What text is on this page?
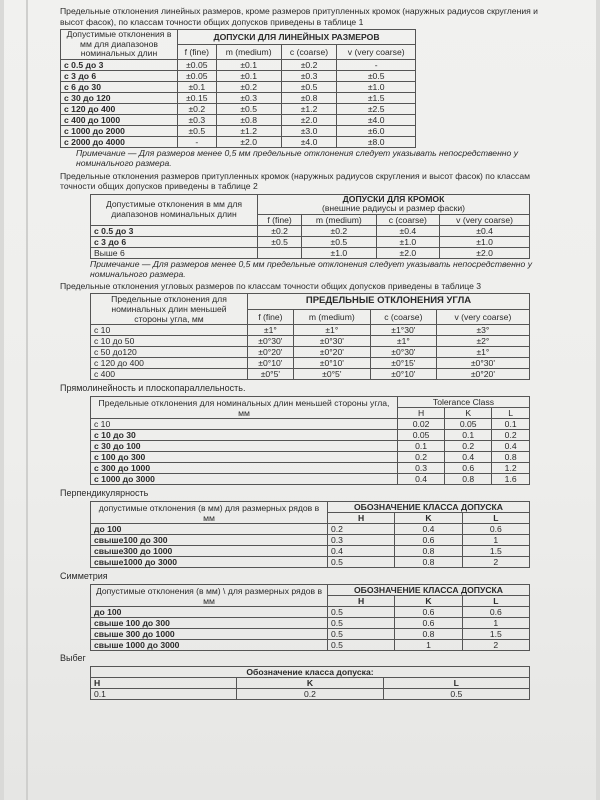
Предельные отклонения линейных размеров, кроме размеров притупленных кромок (наружных радиусов скругления и высот фасок), по классам точности общих допусков приведены в таблице 1

Допустимые отклонения в мм для диапазонов номинальных длин	ДОПУСКИ ДЛЯ ЛИНЕЙНЫХ РАЗМЕРОВ			
	f (fine)	m (medium)	c (coarse)	v (very coarse)
с 0.5 до 3	±0.05	±0.1	±0.2	-
с 3 до 6	±0.05	±0.1	±0.3	±0.5
с 6 до 30	±0.1	±0.2	±0.5	±1.0
с 30 до 120	±0.15	±0.3	±0.8	±1.5
с 120 до 400	±0.2	±0.5	±1.2	±2.5
с 400 до 1000	±0.3	±0.8	±2.0	±4.0
с 1000 до 2000	±0.5	±1.2	±3.0	±6.0
с 2000 до 4000	-	±2.0	±4.0	±8.0

Примечание — Для размеров менее 0,5 мм предельные отклонения следует указывать непосредственно у номинального размера.

Предельные отклонения размеров притупленных кромок (наружных радиусов скругления и высот фасок) по классам точности общих допусков приведены в таблице 2

Допустимые отклонения в мм для диапазонов номинальных длин	ДОПУСКИ ДЛЯ КРОМОК
(внешние радиусы и размер фаски)			
	f (fine)	m (medium)	c (coarse)	v (very coarse)
с 0.5 до 3	±0.2	±0.2	±0.4	±0.4
с 3 до 6	±0.5	±0.5	±1.0	±1.0
Выше 6		±1.0	±2.0	±2.0

Примечание — Для размеров менее 0,5 мм предельные отклонения следует указывать непосредственно у номинального размера.

Предельные отклонения угловых размеров по классам точности общих допусков приведены в таблице 3

Предельные отклонения для номинальных длин меньшей стороны угла, мм	ПРЕДЕЛЬНЫЕ ОТКЛОНЕНИЯ УГЛА			
	f (fine)	m (medium)	c (coarse)	v (very coarse)
с 10	±1°	±1°	±1°30'	±3°
с 10 до 50	±0°30'	±0°30'	±1°	±2°
с 50 до120	±0°20'	±0°20'	±0°30'	±1°
с 120 до 400	±0°10'	±0°10'	±0°15'	±0°30'
с 400	±0°5'	±0°5'	±0°10'	±0°20'

Прямолинейность и плоскопараллельность.

Предельные отклонения для номинальных длин меньшей стороны угла, мм	Tolerance Class		
	H	K	L
с 10	0.02	0.05	0.1
с 10 до 30	0.05	0.1	0.2
с 30 до 100	0.1	0.2	0.4
с 100 до 300	0.2	0.4	0.8
с 300 до 1000	0.3	0.6	1.2
с 1000 до 3000	0.4	0.8	1.6

Перпендикулярность

допустимые отклонения (в мм) для размерных рядов в мм	ОБОЗНАЧЕНИЕ КЛАССА ДОПУСКА		
	H	K	L
до 100	0.2	0.4	0.6
свыше100 до 300	0.3	0.6	1
свыше300 до 1000	0.4	0.8	1.5
свыше1000 до 3000	0.5	0.8	2

Симметрия

Допустимые отклонения (в мм) \ для размерных рядов в мм	ОБОЗНАЧЕНИЕ КЛАССА ДОПУСКА		
	H	K	L
до 100	0.5	0.6	0.6
свыше 100 до 300	0.5	0.6	1
свыше 300 до 1000	0.5	0.8	1.5
свыше 1000 до 3000	0.5	1	2

Выбег

Обозначение класса допуска:		
H	K	L
0.1	0.2	0.5
